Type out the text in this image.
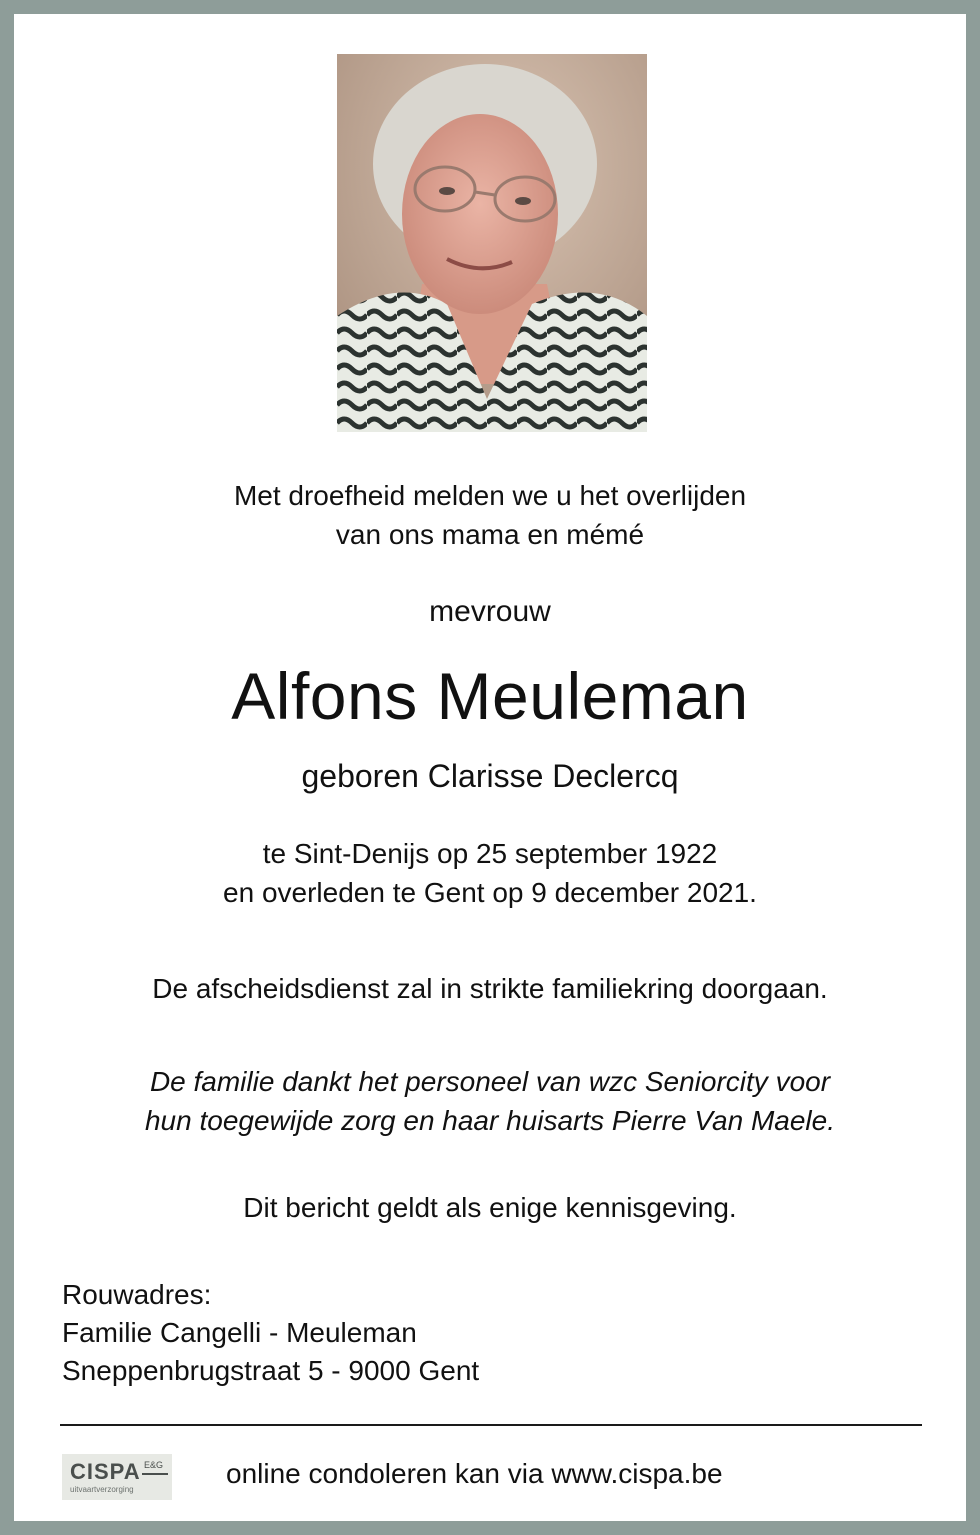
Met droefheid melden we u het overlijden
van ons mama en mémé
mevrouw
Alfons Meuleman
geboren Clarisse Declercq
te Sint-Denijs op 25 september 1922
en overleden te Gent op 9 december 2021.
De afscheidsdienst zal in strikte familiekring doorgaan.
De familie dankt het personeel van wzc Seniorcity voor
hun toegewijde zorg en haar huisarts Pierre Van Maele.
Dit bericht geldt als enige kennisgeving.
Rouwadres:
Familie Cangelli - Meuleman
Sneppenbrugstraat 5 - 9000 Gent
CISPA E&G
uitvaartverzorging
online condoleren kan via www.cispa.be
